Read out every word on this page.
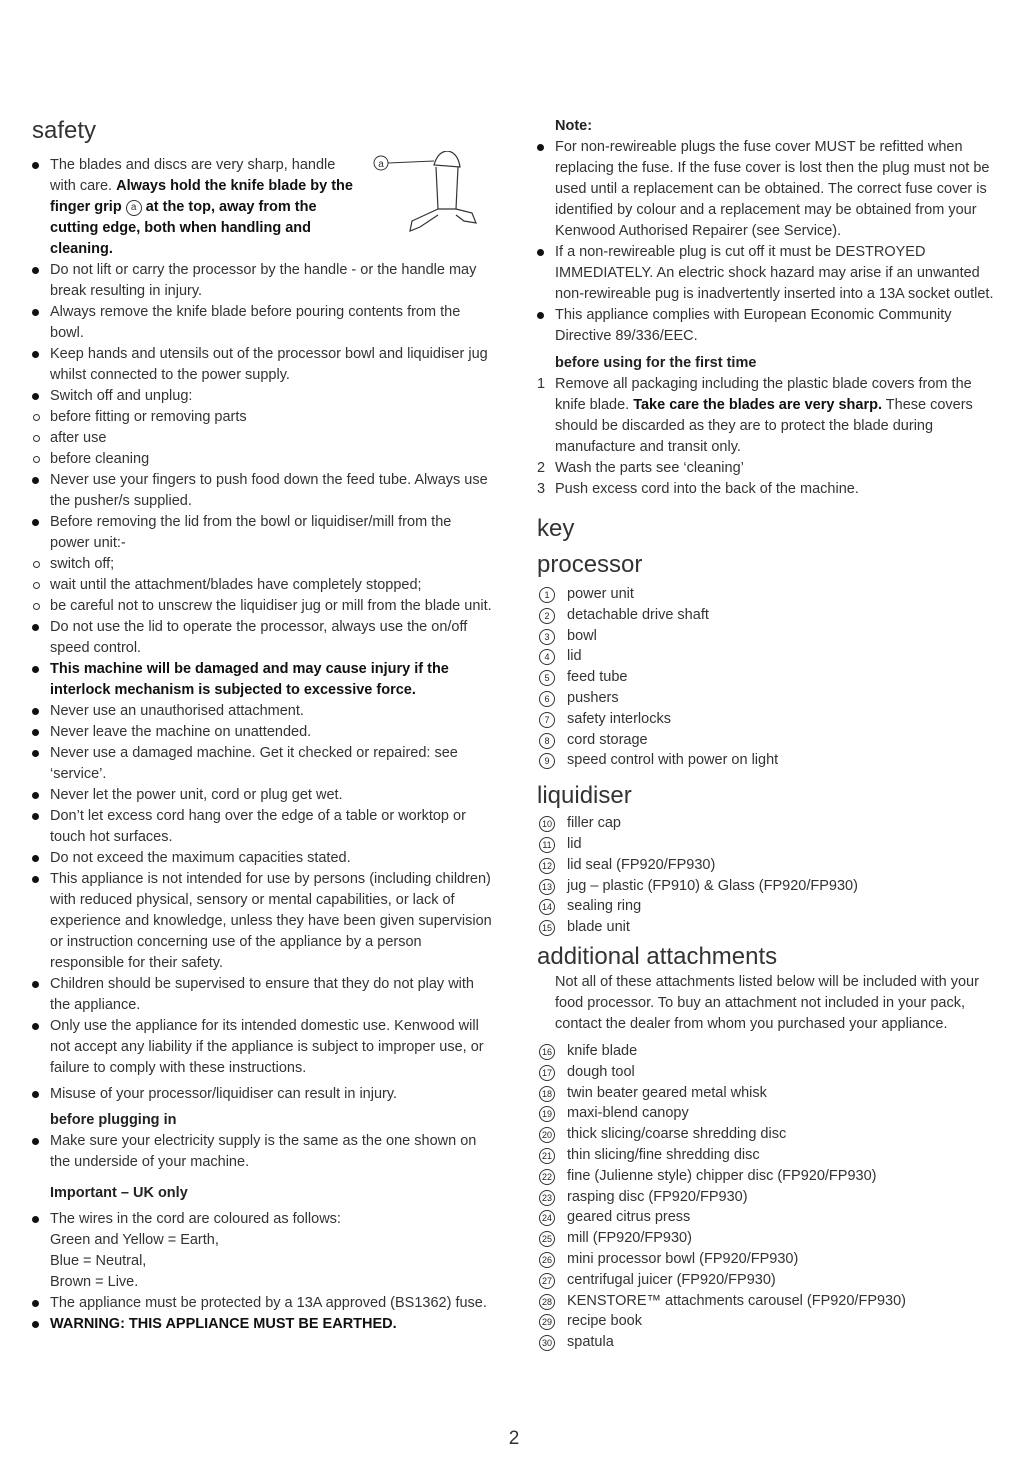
safety
a
The blades and discs are very sharp, handle with care. Always hold the knife blade by the finger grip a at the top, away from the cutting edge, both when handling and cleaning.
Do not lift or carry the processor by the handle - or the handle may break resulting in injury.
Always remove the knife blade before pouring contents from the bowl.
Keep hands and utensils out of the processor bowl and liquidiser jug whilst connected to the power supply.
Switch off and unplug:
before fitting or removing parts
after use
before cleaning
Never use your fingers to push food down the feed tube. Always use the pusher/s supplied.
Before removing the lid from the bowl or liquidiser/mill from the power unit:-
switch off;
wait until the attachment/blades have completely stopped;
be careful not to unscrew the liquidiser jug or mill from the blade unit.
Do not use the lid to operate the processor, always use the on/off speed control.
This machine will be damaged and may cause injury if the interlock mechanism is subjected to excessive force.
Never use an unauthorised attachment.
Never leave the machine on unattended.
Never use a damaged machine. Get it checked or repaired: see ‘service’.
Never let the power unit, cord or plug get wet.
Don’t let excess cord hang over the edge of a table or worktop or touch hot surfaces.
Do not exceed the maximum capacities stated.
This appliance is not intended for use by persons (including children) with reduced physical, sensory or mental capabilities, or lack of experience and knowledge, unless they have been given supervision or instruction concerning use of the appliance by a person responsible for their safety.
Children should be supervised to ensure that they do not play with the appliance.
Only use the appliance for its intended domestic use. Kenwood will not accept any liability if the appliance is subject to improper use, or failure to comply with these instructions.
Misuse of your processor/liquidiser can result in injury.
before plugging in
Make sure your electricity supply is the same as the one shown on the underside of your machine.
Important – UK only
The wires in the cord are coloured as follows:
Green and Yellow = Earth,
Blue = Neutral,
Brown = Live.
The appliance must be protected by a 13A approved (BS1362) fuse.
WARNING: THIS APPLIANCE MUST BE EARTHED.
Note:
For non-rewireable plugs the fuse cover MUST be refitted when replacing the fuse. If the fuse cover is lost then the plug must not be used until a replacement can be obtained. The correct fuse cover is identified by colour and a replacement may be obtained from your Kenwood Authorised Repairer (see Service).
If a non-rewireable plug is cut off it must be DESTROYED IMMEDIATELY. An electric shock hazard may arise if an unwanted non-rewireable pug is inadvertently inserted into a 13A socket outlet.
This appliance complies with European Economic Community Directive 89/336/EEC.
before using for the first time
1 Remove all packaging including the plastic blade covers from the knife blade. Take care the blades are very sharp. These covers should be discarded as they are to protect the blade during manufacture and transit only.
2 Wash the parts see ‘cleaning’
3 Push excess cord into the back of the machine.
key
processor
1	power unit
2	detachable drive shaft
3	bowl
4	lid
5	feed tube
6	pushers
7	safety interlocks
8	cord storage
9	speed control with power on light
liquidiser
10 filler cap
11 lid
12 lid seal (FP920/FP930)
13 jug – plastic (FP910) & Glass (FP920/FP930)
14 sealing ring
15 blade unit
additional attachments
Not all of these attachments listed below will be included with your food processor. To buy an attachment not included in your pack, contact the dealer from whom you purchased your appliance.
16 knife blade
17 dough tool
18 twin beater geared metal whisk
19 maxi-blend canopy
20 thick slicing/coarse shredding disc
21 thin slicing/fine shredding disc
22 fine (Julienne style) chipper disc (FP920/FP930)
23 rasping disc (FP920/FP930)
24 geared citrus press
25 mill (FP920/FP930)
26 mini processor bowl (FP920/FP930)
27 centrifugal juicer (FP920/FP930)
28 KENSTORE™ attachments carousel (FP920/FP930)
29 recipe book
30 spatula
2
